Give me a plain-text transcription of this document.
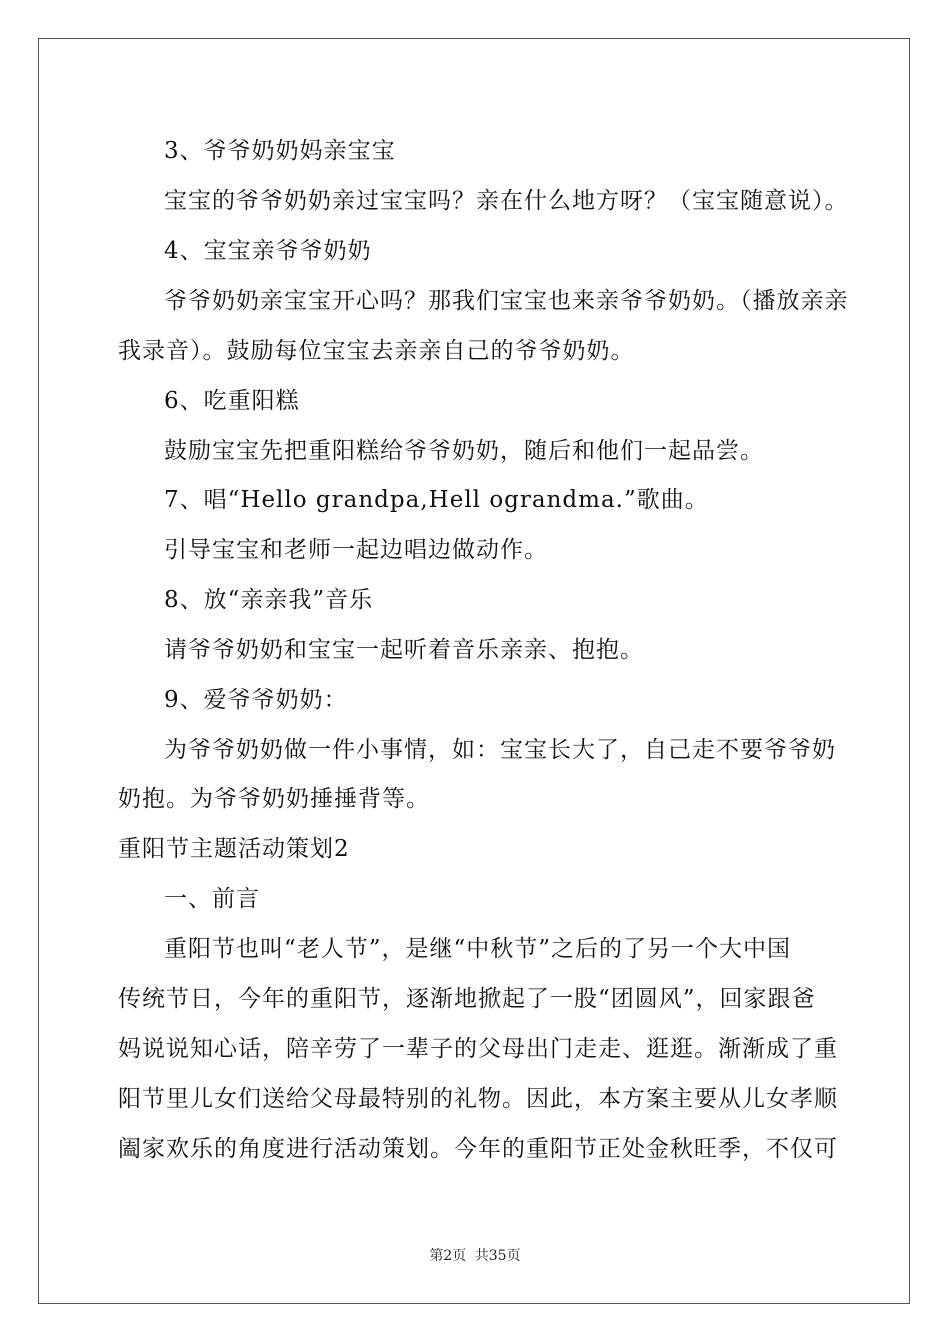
3、爷爷奶奶妈亲宝宝
宝宝的爷爷奶奶亲过宝宝吗？亲在什么地方呀？（宝宝随意说）。
4、宝宝亲爷爷奶奶
爷爷奶奶亲宝宝开心吗？那我们宝宝也来亲爷爷奶奶。（播放亲亲
我录音）。鼓励每位宝宝去亲亲自己的爷爷奶奶。
6、吃重阳糕
鼓励宝宝先把重阳糕给爷爷奶奶，随后和他们一起品尝。
7、唱“Hello grandpa,Hell ograndma.”歌曲。
引导宝宝和老师一起边唱边做动作。
8、放“亲亲我”音乐
请爷爷奶奶和宝宝一起听着音乐亲亲、抱抱。
9、爱爷爷奶奶：
为爷爷奶奶做一件小事情，如：宝宝长大了，自己走不要爷爷奶
奶抱。为爷爷奶奶捶捶背等。
重阳节主题活动策划2
一、前言
重阳节也叫“老人节”，是继“中秋节”之后的了另一个大中国
传统节日，今年的重阳节，逐渐地掀起了一股“团圆风”，回家跟爸
妈说说知心话，陪辛劳了一辈子的父母出门走走、逛逛。渐渐成了重
阳节里儿女们送给父母最特别的礼物。因此，本方案主要从儿女孝顺
阖家欢乐的角度进行活动策划。今年的重阳节正处金秋旺季，不仅可
第2页 共35页
